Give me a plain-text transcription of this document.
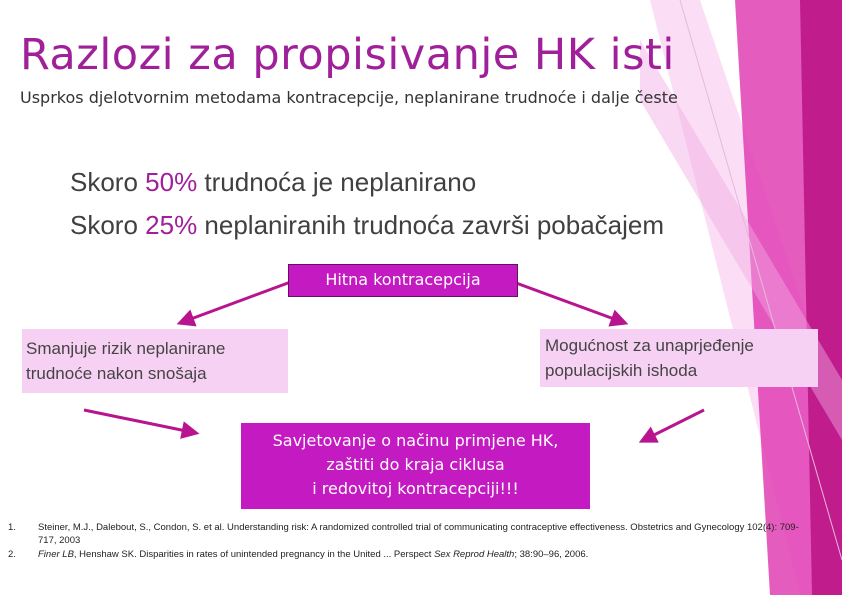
Razlozi za propisivanje HK isti
Usprkos djelotvornim metodama kontracepcije, neplanirane trudnoće i dalje česte
Skoro 50% trudnoća je neplanirano
Skoro 25% neplaniranih trudnoća završi pobačajem
Hitna kontracepcija
Smanjuje rizik neplanirane
trudnoće nakon snošaja
Mogućnost za unaprjeđenje
populacijskih ishoda
Savjetovanje o načinu primjene HK,
zaštiti do kraja ciklusa
i redovitoj kontracepciji!!!
1. Steiner, M.J., Dalebout, S., Condon, S. et al. Understanding risk: A randomized controlled trial of communicating contraceptive effectiveness. Obstetrics and Gynecology 102(4): 709-717, 2003
2. Finer LB, Henshaw SK. Disparities in rates of unintended pregnancy in the United ... Perspect Sex Reprod Health; 38:90–96, 2006.
